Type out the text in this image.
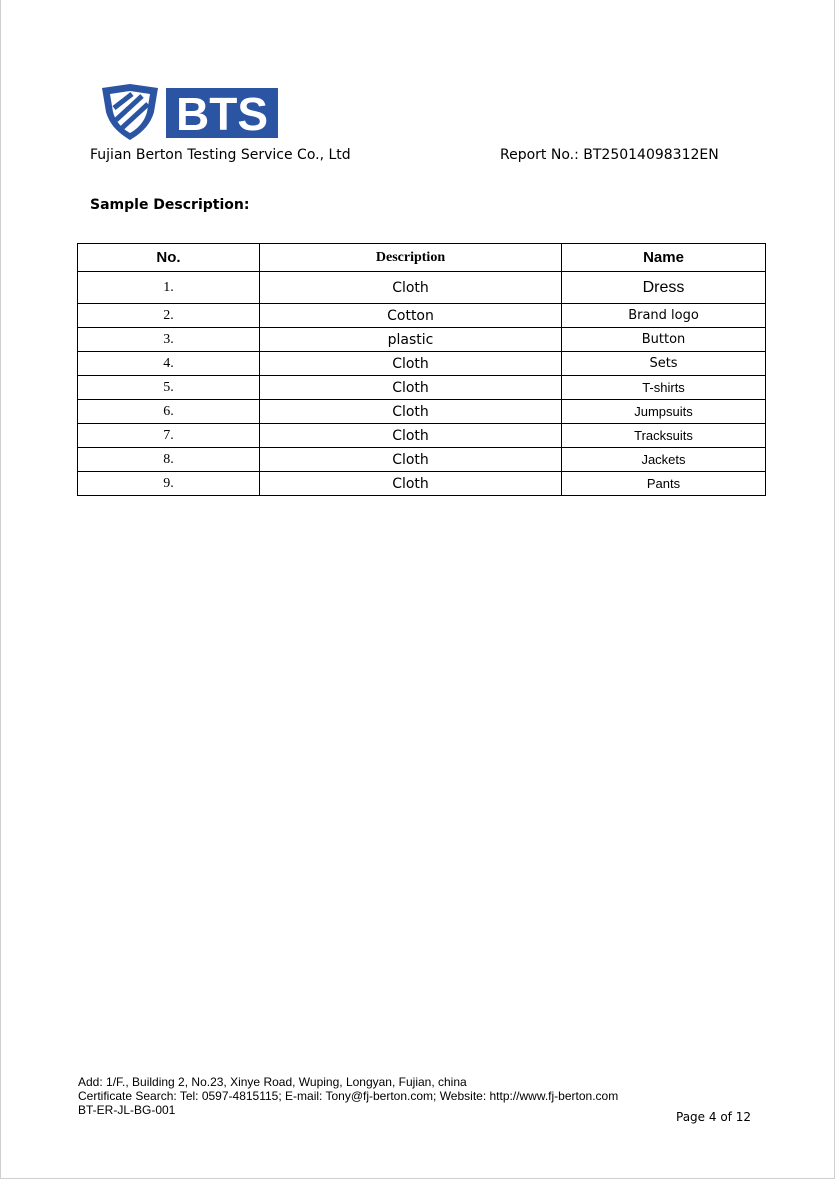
BTS
Fujian Berton Testing Service Co., Ltd	Report No.: BT25014098312EN
Sample Description:
No.	Description	Name
1.	Cloth	Dress
2.	Cotton	Brand logo
3.	plastic	Button
4.	Cloth	Sets
5.	Cloth	T-shirts
6.	Cloth	Jumpsuits
7.	Cloth	Tracksuits
8.	Cloth	Jackets
9.	Cloth	Pants
Add: 1/F., Building 2, No.23, Xinye Road, Wuping, Longyan, Fujian, china
Certificate Search: Tel: 0597-4815115; E-mail: Tony@fj-berton.com; Website: http://www.fj-berton.com
BT-ER-JL-BG-001	Page 4 of 12
